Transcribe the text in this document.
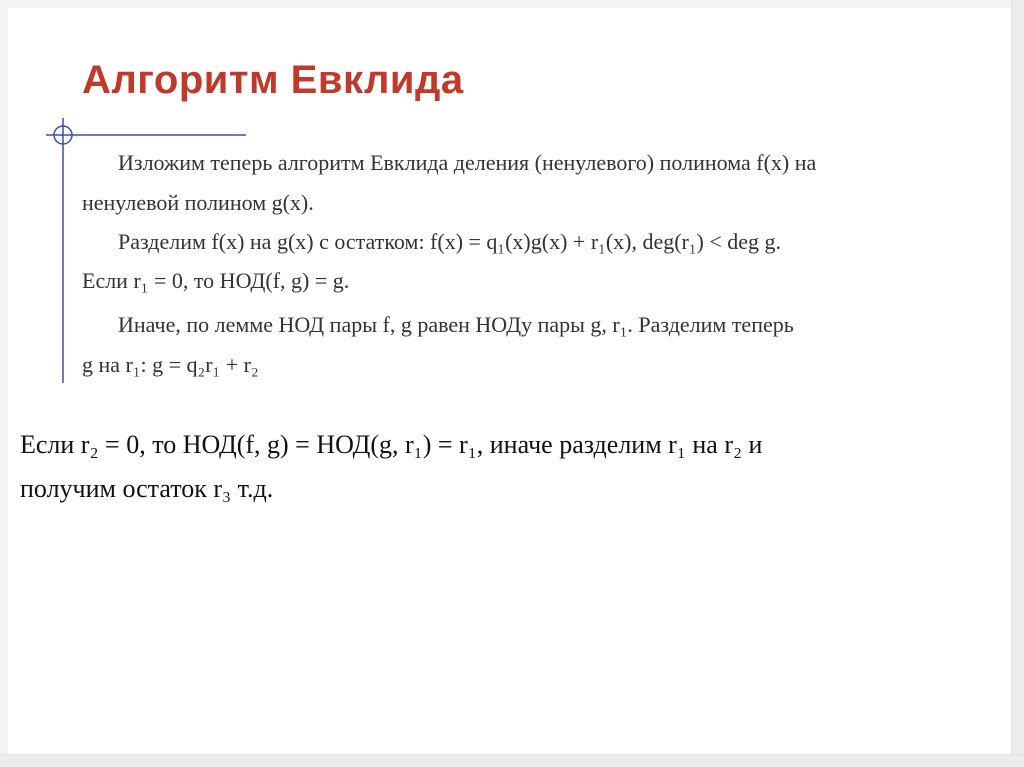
Алгоритм Евклида
Изложим теперь алгоритм Евклида деления (ненулевого) полинома f(x) на
ненулевой полином g(x).
Разделим f(x) на g(x) с остатком: f(x) = q₁(x)g(x) + r₁(x), deg(r₁) < deg g.
Если r₁ = 0, то НОД(f, g) = g.
Иначе, по лемме НОД пары f, g равен НОДу пары g, r₁. Разделим теперь
g на r₁: g = q₂r₁ + r₂
Если r₂ = 0, то НОД(f, g) = НОД(g, r₁) = r₁, иначе разделим r₁ на r₂ и
получим остаток r₃ т.д.
